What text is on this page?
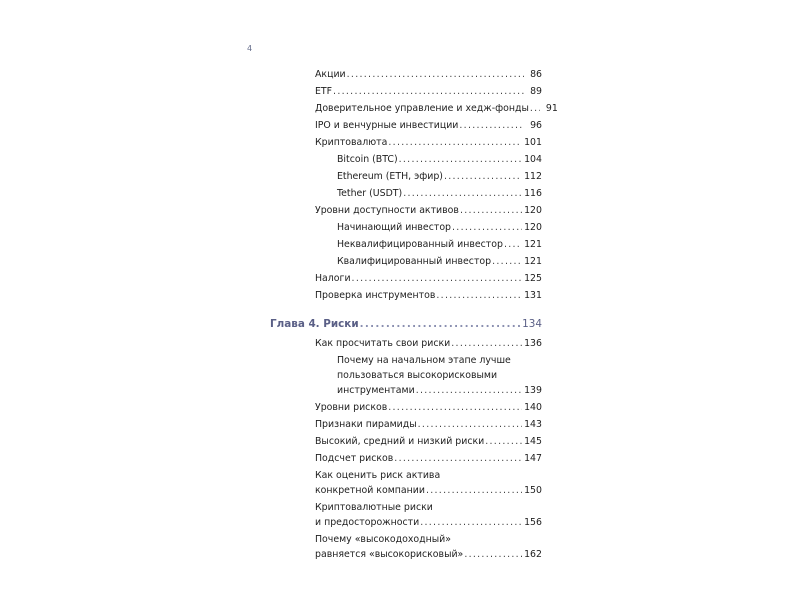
4
Акции .....	86
ETF .....	89
Доверительное управление и хедж-фонды .....	91
IPO и венчурные инвестиции .....	96
Криптовалюта .....	101
Bitcoin (BTC) .....	104
Ethereum (ETH, эфир) .....	112
Tether (USDT) .....	116
Уровни доступности активов .....	120
Начинающий инвестор .....	120
Неквалифицированный инвестор ..... 121
Квалифицированный инвестор .....	121
Налоги .....	125
Проверка инструментов .....	131
Глава 4. Риски .....	134
Как просчитать свои риски .....	136
Почему на начальном этапе лучше
пользоваться высокорисковыми
инструментами .....	139
Уровни рисков .....	140
Признаки пирамиды .....	143
Высокий, средний и низкий риски .....	145
Подсчет рисков .....	147
Как оценить риск актива
конкретной компании .....	150
Криптовалютные риски
и предосторожности .....	156
Почему «высокодоходный»
равняется «высокорисковый» .....	162
